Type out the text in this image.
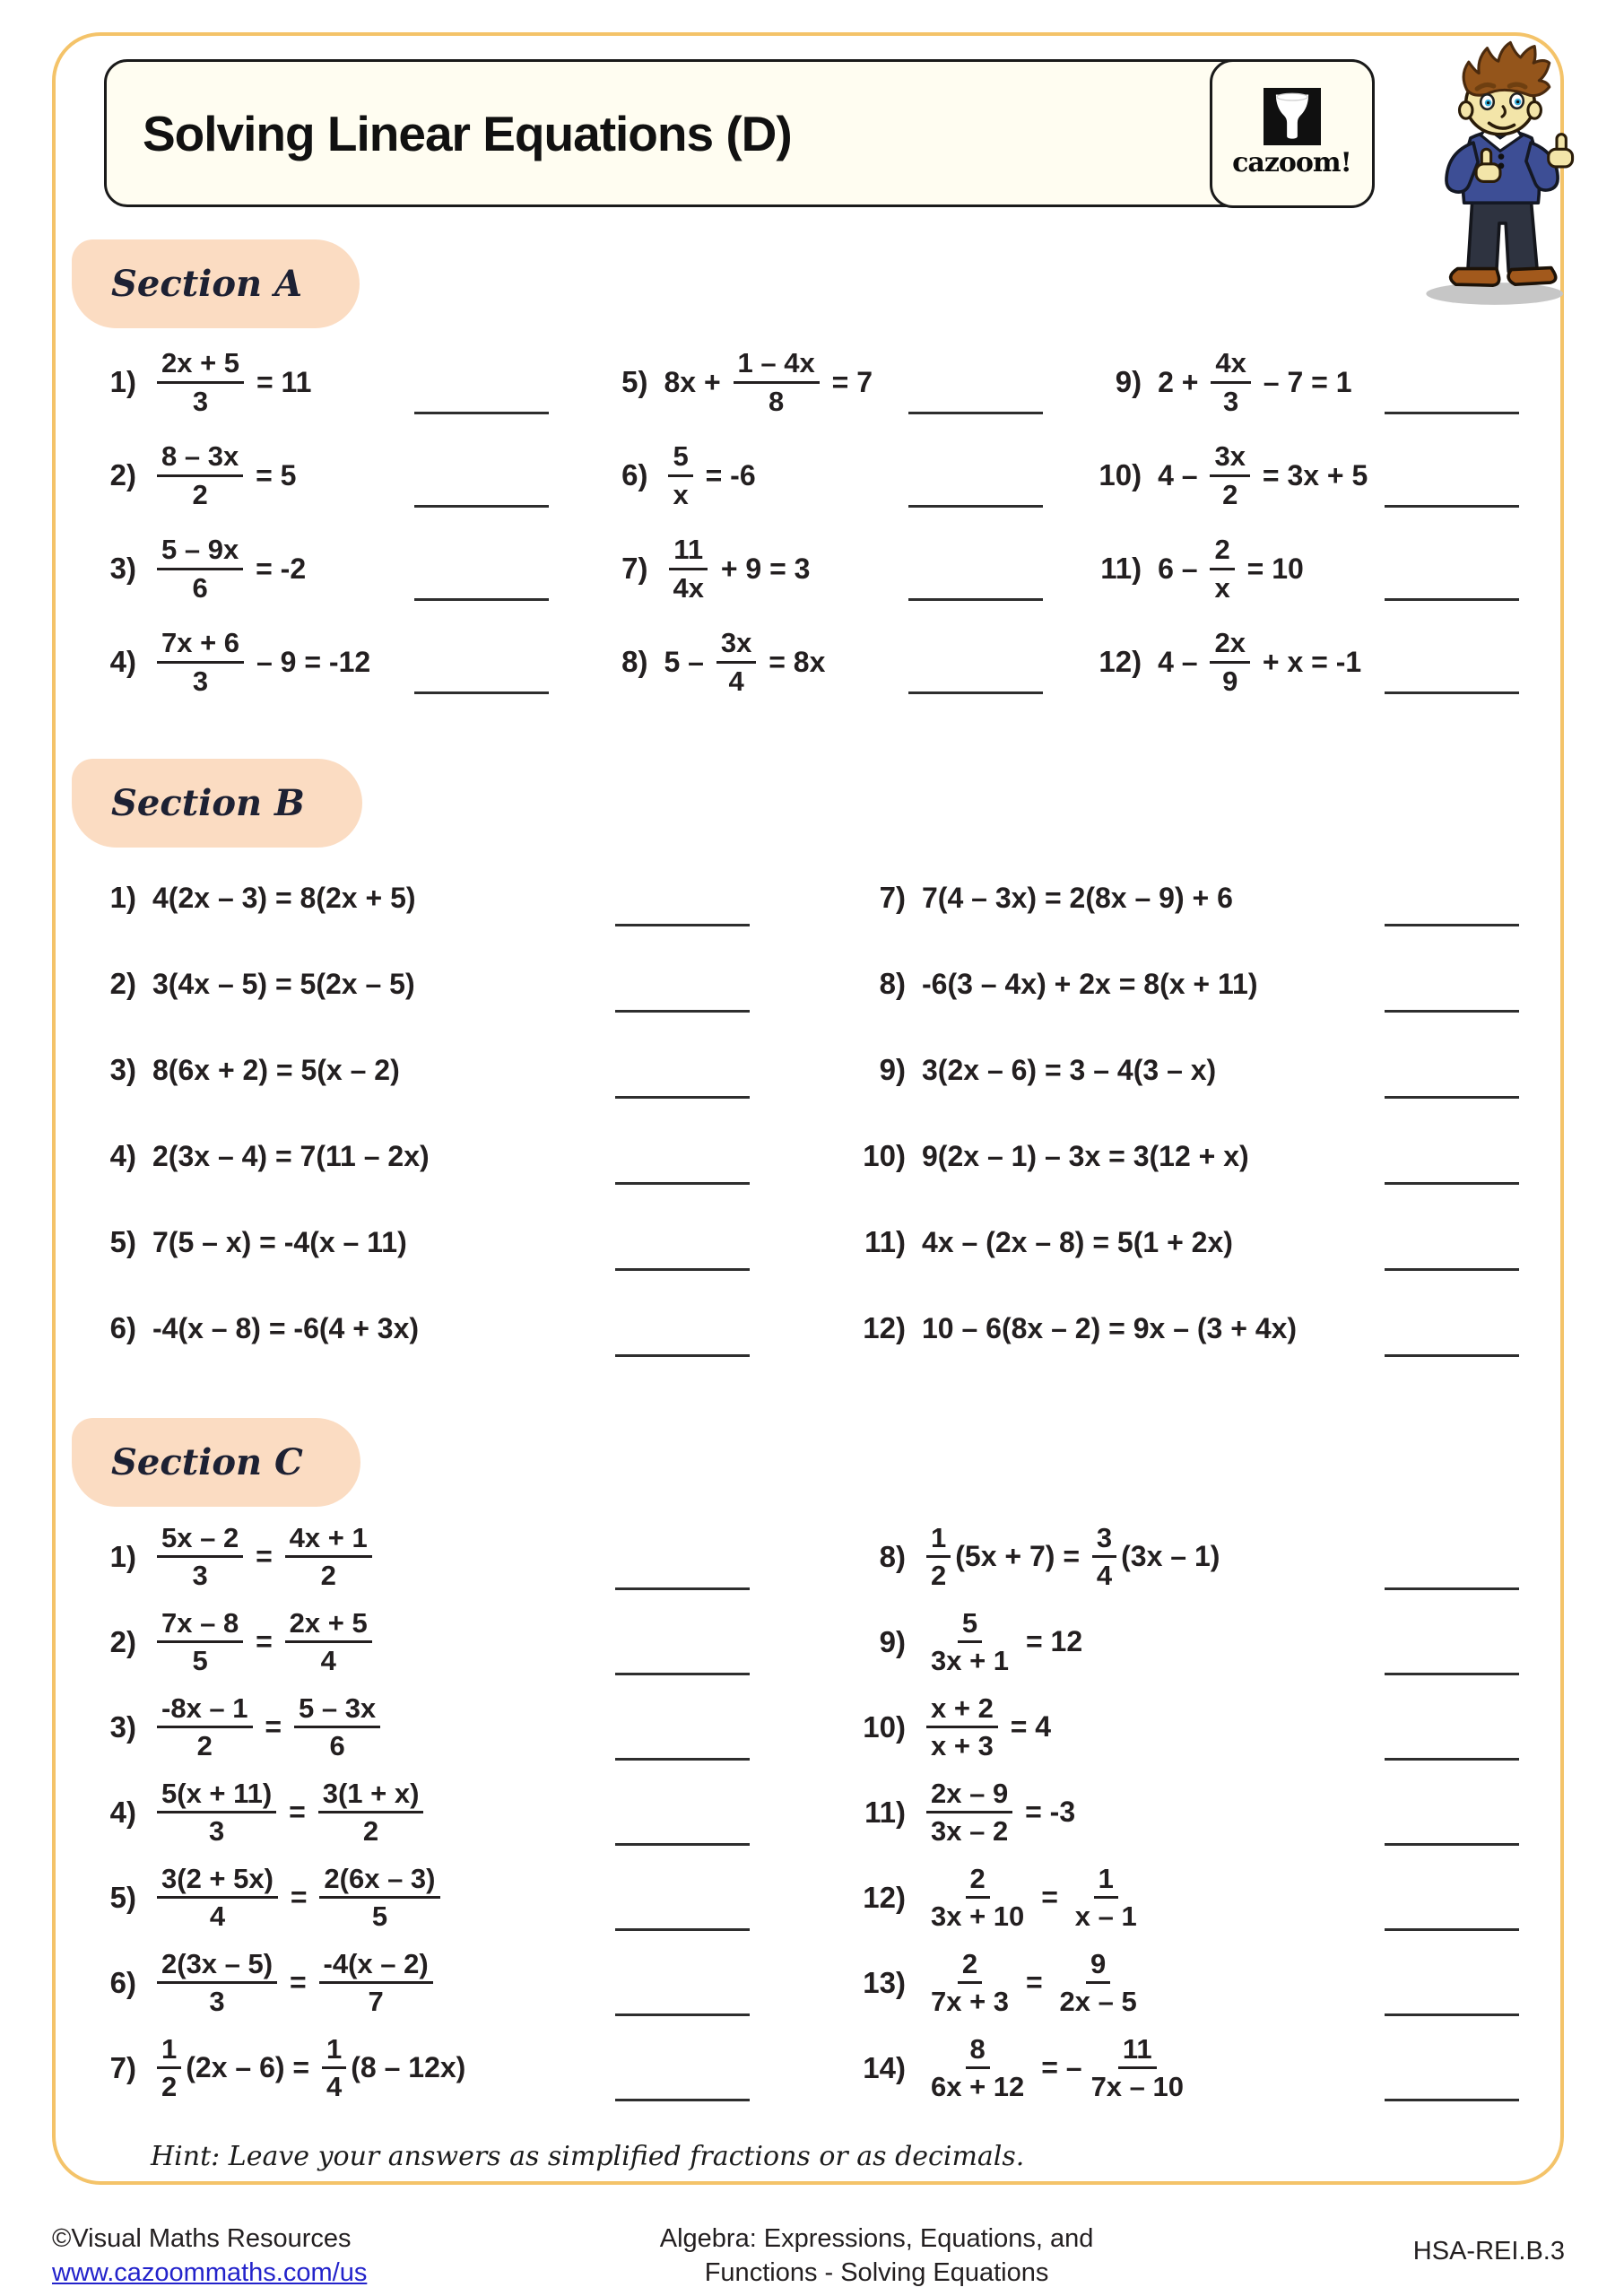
Solving Linear Equations (D)
cazoom!
Section A
$1) \frac{2x + 5}{3} = 11$
$2) \frac{8 - 3x}{2} = 5$
$3) \frac{5 - 9x}{6} = -2$
$4) \frac{7x + 6}{3} - 9 = -12$
5) $8x + \frac{1 - 4x}{8} = 7$
$6) \frac{5}{x} = -6$
$7) \frac{11}{4x} + 9 = 3$
8) $5 - \frac{3x}{4} = 8x$
9) $2 + \frac{4x}{3} - 7 = 1$
10) $4 - \frac{3x}{2} = 3x + 5$
11) $6 - \frac{2}{x} = 10$
12) $4 - \frac{2x}{9} + x = -1$
Section B
1) 4(2x – 3) = 8(2x + 5)
2) 3(4x – 5) = 5(2x – 5)
3) 8(6x + 2) = 5(x – 2)
4) 2(3x – 4) = 7(11 – 2x)
5) 7(5 – x) = -4(x – 11)
6) -4(x – 8) = -6(4 + 3x)
7) 7(4 – 3x) = 2(8x – 9) + 6
8) -6(3 – 4x) + 2x = 8(x + 11)
9) 3(2x – 6) = 3 – 4(3 – x)
10) 9(2x – 1) – 3x = 3(12 + x)
11) 4x – (2x – 8) = 5(1 + 2x)
12) 10 – 6(8x – 2) = 9x – (3 + 4x)
Section C
$1) \frac{5x - 2}{3} = \frac{4x + 1}{2}$
$2) \frac{7x - 8}{5} = \frac{2x + 5}{4}$
$3) \frac{-8x - 1}{2} = \frac{5 - 3x}{6}$
$4) \frac{5(x + 11)}{3} = \frac{3(1 + x)}{2}$
$5) \frac{3(2 + 5x)}{4} = \frac{2(6x - 3)}{5}$
$6) \frac{2(3x - 5)}{3} = \frac{-4(x - 2)}{7}$
$7) \frac{1}{2} (2x - 6) = \frac{1}{4} (8 - 12x)$
$8) \frac{1}{2} (5x + 7) = \frac{3}{4} (3x - 1)$
$9) \frac{5}{3x + 1} = 12$
$10) \frac{x + 2}{x + 3} = 4$
$11) \frac{2x - 9}{3x - 2} = -3$
$12) \frac{2}{3x + 10} = \frac{1}{x - 1}$
$13) \frac{2}{7x + 3} = \frac{9}{2x - 5}$
$14) \frac{8}{6x + 12}$ = – $\frac{11}{7x - 10}$

Hint: Leave your answers as simplified fractions or as decimals.

©Visual Maths Resources
www.cazoommaths.com/us
Algebra: Expressions, Equations, and
Functions - Solving Equations
HSA-REI.B.3
